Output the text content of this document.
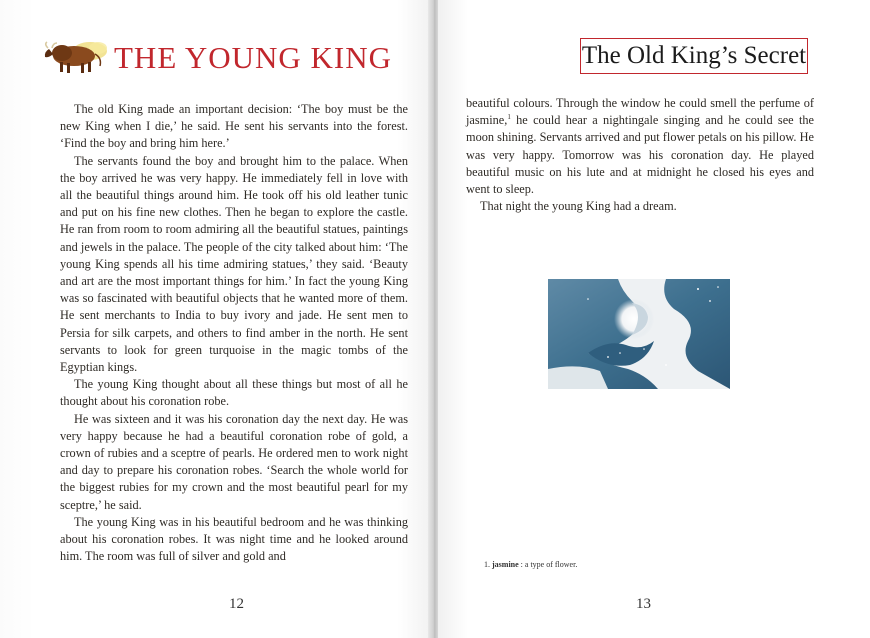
THE YOUNG KING

The old King made an important decision: ‘The boy must be the new King when I die,’ he said. He sent his servants into the forest. ‘Find the boy and bring him here.’

The servants found the boy and brought him to the palace. When the boy arrived he was very happy. He immediately fell in love with all the beautiful things around him. He took off his old leather tunic and put on his fine new clothes. Then he began to explore the castle. He ran from room to room admiring all the beautiful statues, paintings and jewels in the palace. The people of the city talked about him: ‘The young King spends all his time admiring statues,’ they said. ‘Beauty and art are the most important things for him.’ In fact the young King was so fascinated with beautiful objects that he wanted more of them. He sent merchants to India to buy ivory and jade. He sent men to Persia for silk carpets, and others to find amber in the north. He sent servants to look for green turquoise in the magic tombs of the Egyptian kings.

The young King thought about all these things but most of all he thought about his coronation robe.

He was sixteen and it was his coronation day the next day. He was very happy because he had a beautiful coronation robe of gold, a crown of rubies and a sceptre of pearls. He ordered men to work night and day to prepare his coronation robes. ‘Search the whole world for the biggest rubies for my crown and the most beautiful pearl for my sceptre,’ he said.

The young King was in his beautiful bedroom and he was thinking about his coronation robes. It was night time and he looked around him. The room was full of silver and gold and

12
The Old King’s Secret

beautiful colours. Through the window he could smell the perfume of jasmine,$^1$ he could hear a nightingale singing and he could see the moon shining. Servants arrived and put flower petals on his pillow. He was very happy. Tomorrow was his coronation day. He played beautiful music on his lute and at midnight he closed his eyes and went to sleep.

That night the young King had a dream.

1. jasmine : a type of flower.
13
